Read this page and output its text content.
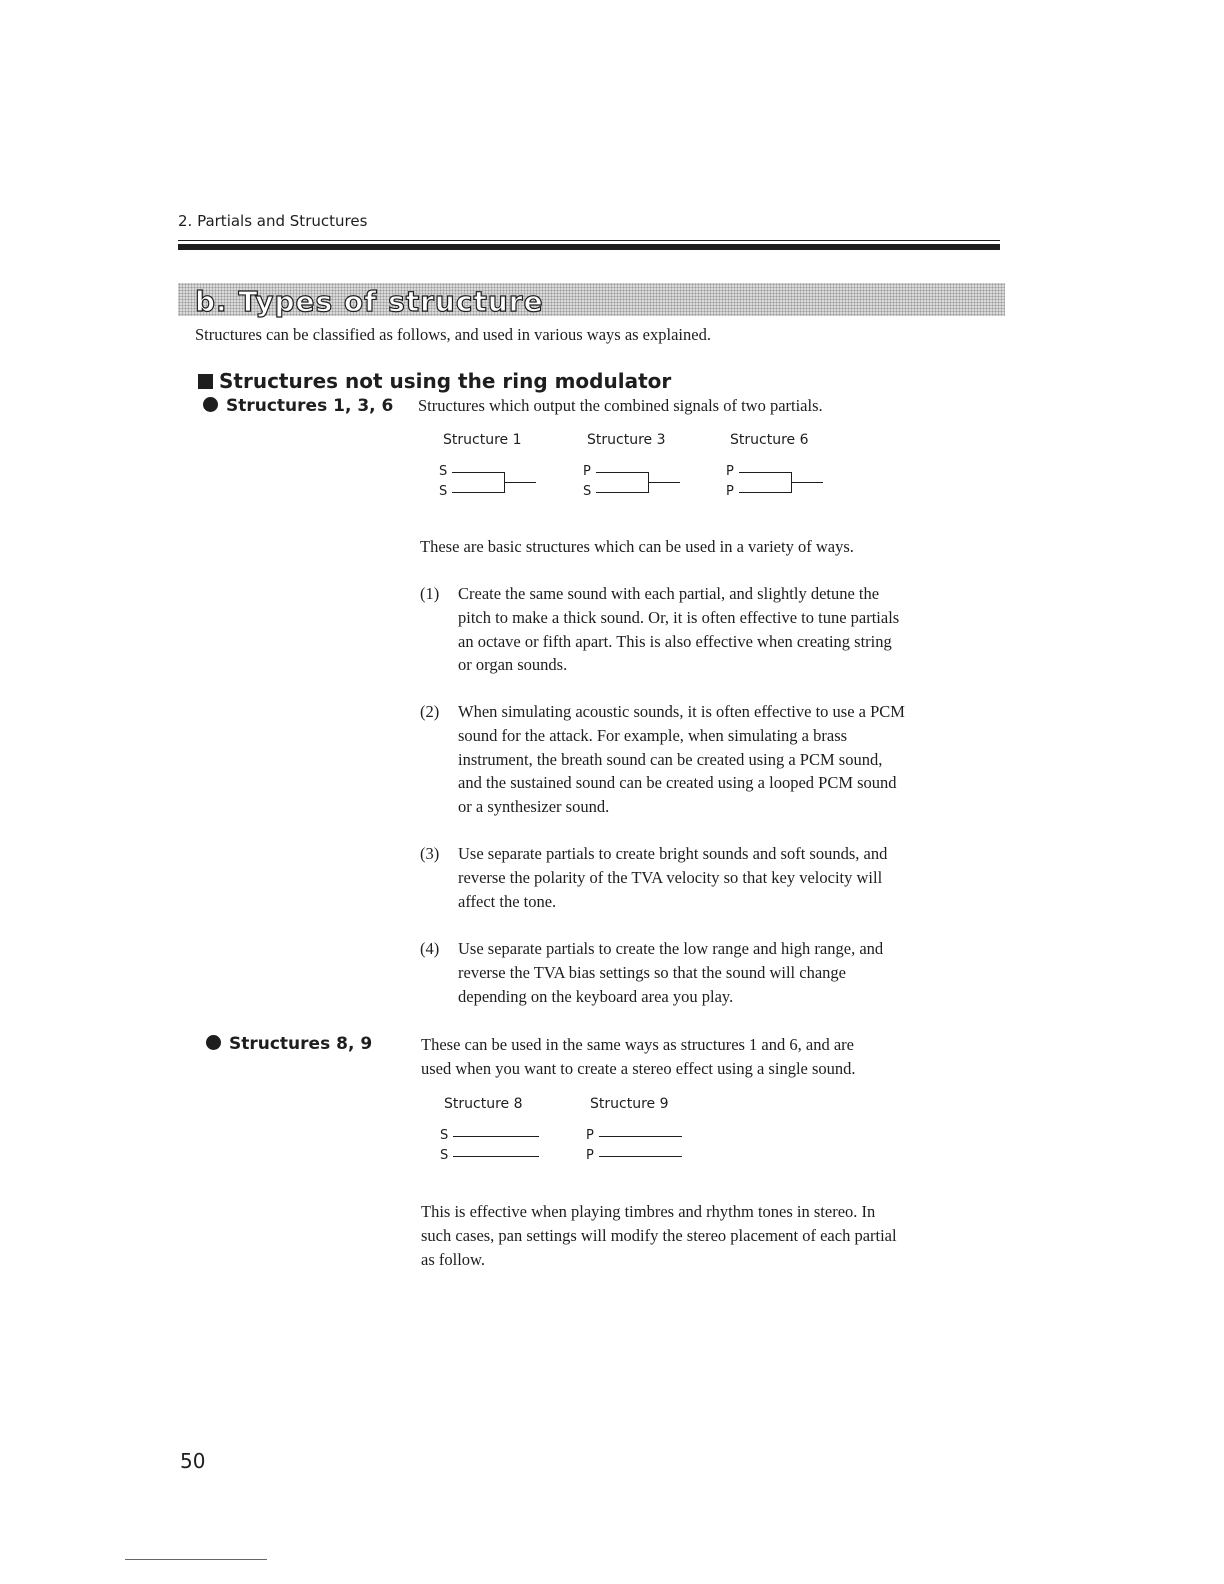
2. Partials and Structures
b. Types of structure
Structures can be classified as follows, and used in various ways as explained.
Structures not using the ring modulator
Structures 1, 3, 6 Structures which output the combined signals of two partials.
Structure 1
S
S
Structure 3
P
S
Structure 6
P
P
These are basic structures which can be used in a variety of ways.
(1) Create the same sound with each partial, and slightly detune the
pitch to make a thick sound. Or, it is often effective to tune partials
an octave or fifth apart. This is also effective when creating string
or organ sounds.
(2) When simulating acoustic sounds, it is often effective to use a PCM
sound for the attack. For example, when simulating a brass
instrument, the breath sound can be created using a PCM sound,
and the sustained sound can be created using a looped PCM sound
or a synthesizer sound.
(3) Use separate partials to create bright sounds and soft sounds, and
reverse the polarity of the TVA velocity so that key velocity will
affect the tone.
(4) Use separate partials to create the low range and high range, and
reverse the TVA bias settings so that the sound will change
depending on the keyboard area you play.
Structures 8, 9	These can be used in the same ways as structures 1 and 6, and are
used when you want to create a stereo effect using a single sound.
Structure 8
S
S
Structure 9
P
P
This is effective when playing timbres and rhythm tones in stereo. In
such cases, pan settings will modify the stereo placement of each partial
as follow.
50
